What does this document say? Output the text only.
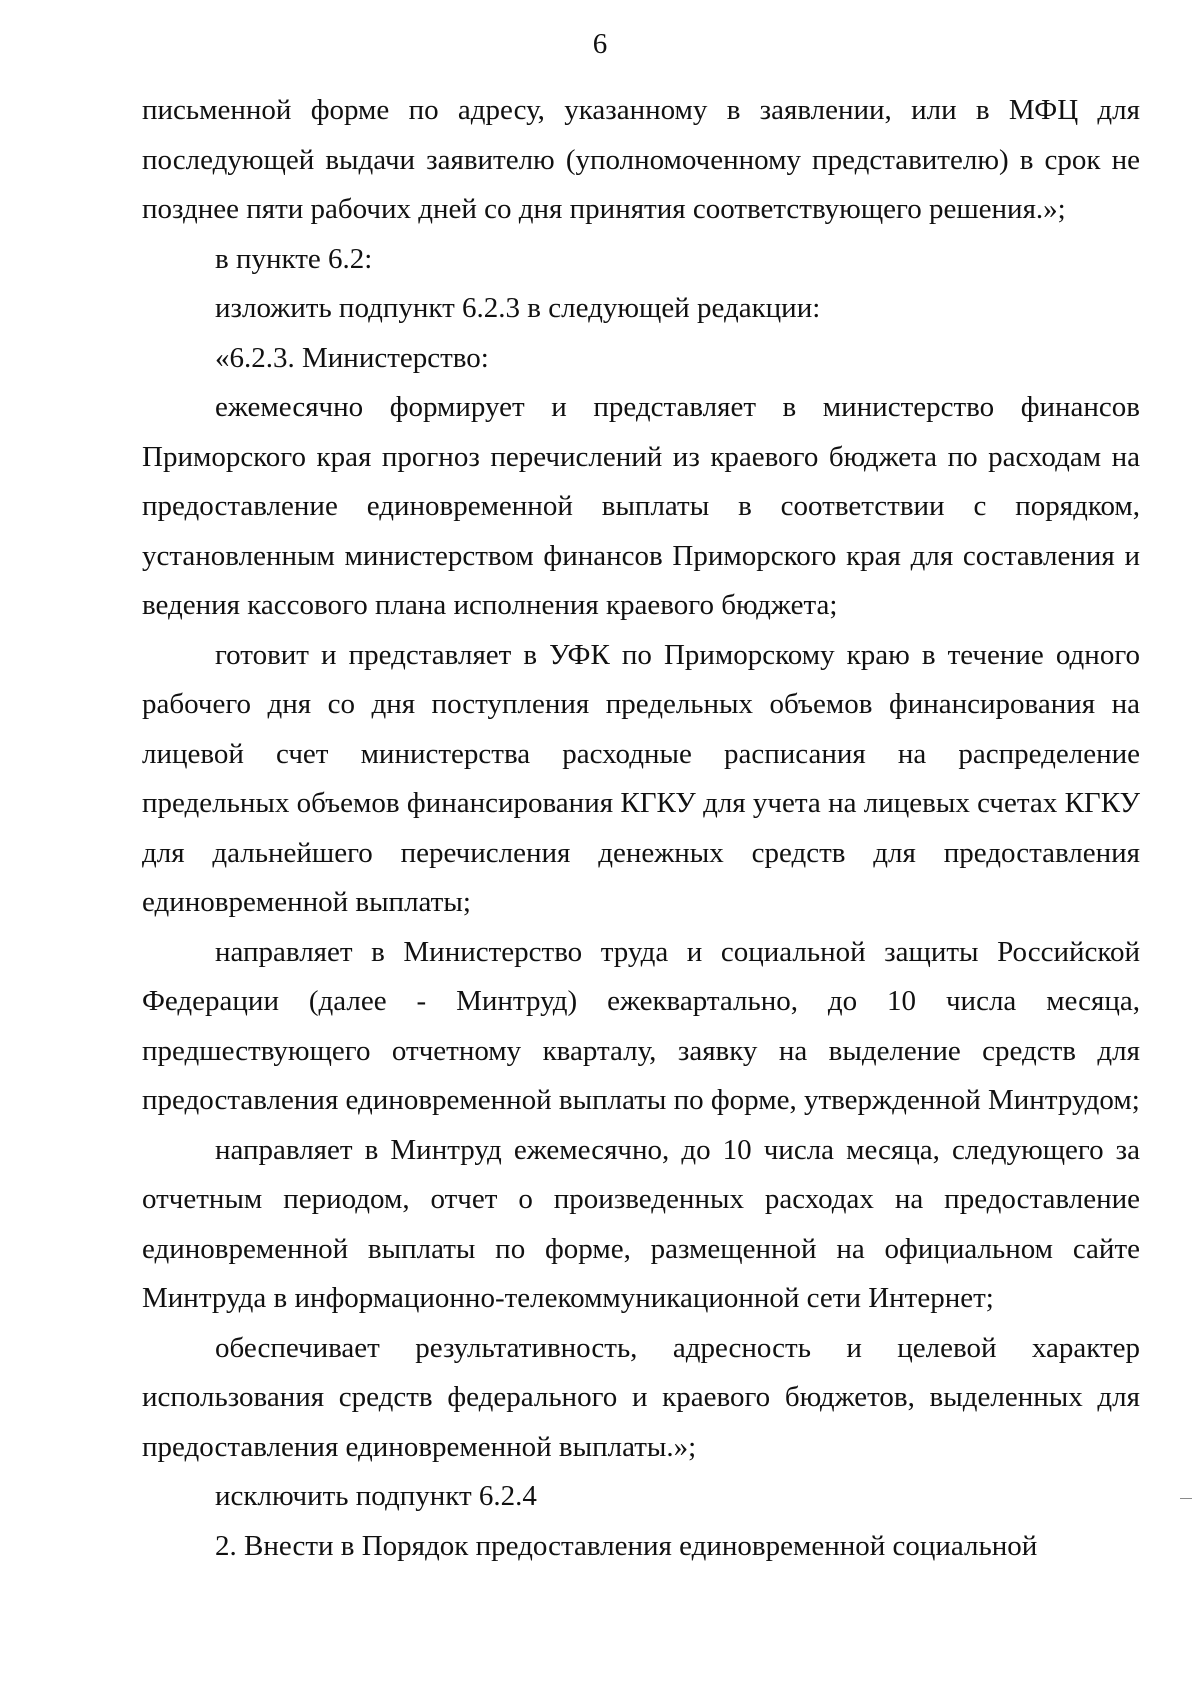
6

письменной форме по адресу, указанному в заявлении, или в МФЦ для последующей выдачи заявителю (уполномоченному представителю) в срок не позднее пяти рабочих дней со дня принятия соответствующего решения.»;

в пункте 6.2:

изложить подпункт 6.2.3 в следующей редакции:

«6.2.3. Министерство:

ежемесячно формирует и представляет в министерство финансов Приморского края прогноз перечислений из краевого бюджета по расходам на предоставление единовременной выплаты в соответствии с порядком, установленным министерством финансов Приморского края для составления и ведения кассового плана исполнения краевого бюджета;

готовит и представляет в УФК по Приморскому краю в течение одного рабочего дня со дня поступления предельных объемов финансирования на лицевой счет министерства расходные расписания на распределение предельных объемов финансирования КГКУ для учета на лицевых счетах КГКУ для дальнейшего перечисления денежных средств для предоставления единовременной выплаты;

направляет в Министерство труда и социальной защиты Российской Федерации (далее - Минтруд) ежеквартально, до 10 числа месяца, предшествующего отчетному кварталу, заявку на выделение средств для предоставления единовременной выплаты по форме, утвержденной Минтрудом;

направляет в Минтруд ежемесячно, до 10 числа месяца, следующего за отчетным периодом, отчет о произведенных расходах на предоставление единовременной выплаты по форме, размещенной на официальном сайте Минтруда в информационно-телекоммуникационной сети Интернет;

обеспечивает результативность, адресность и целевой характер использования средств федерального и краевого бюджетов, выделенных для предоставления единовременной выплаты.»;

исключить подпункт 6.2.4

2. Внести в Порядок предоставления единовременной социальной
